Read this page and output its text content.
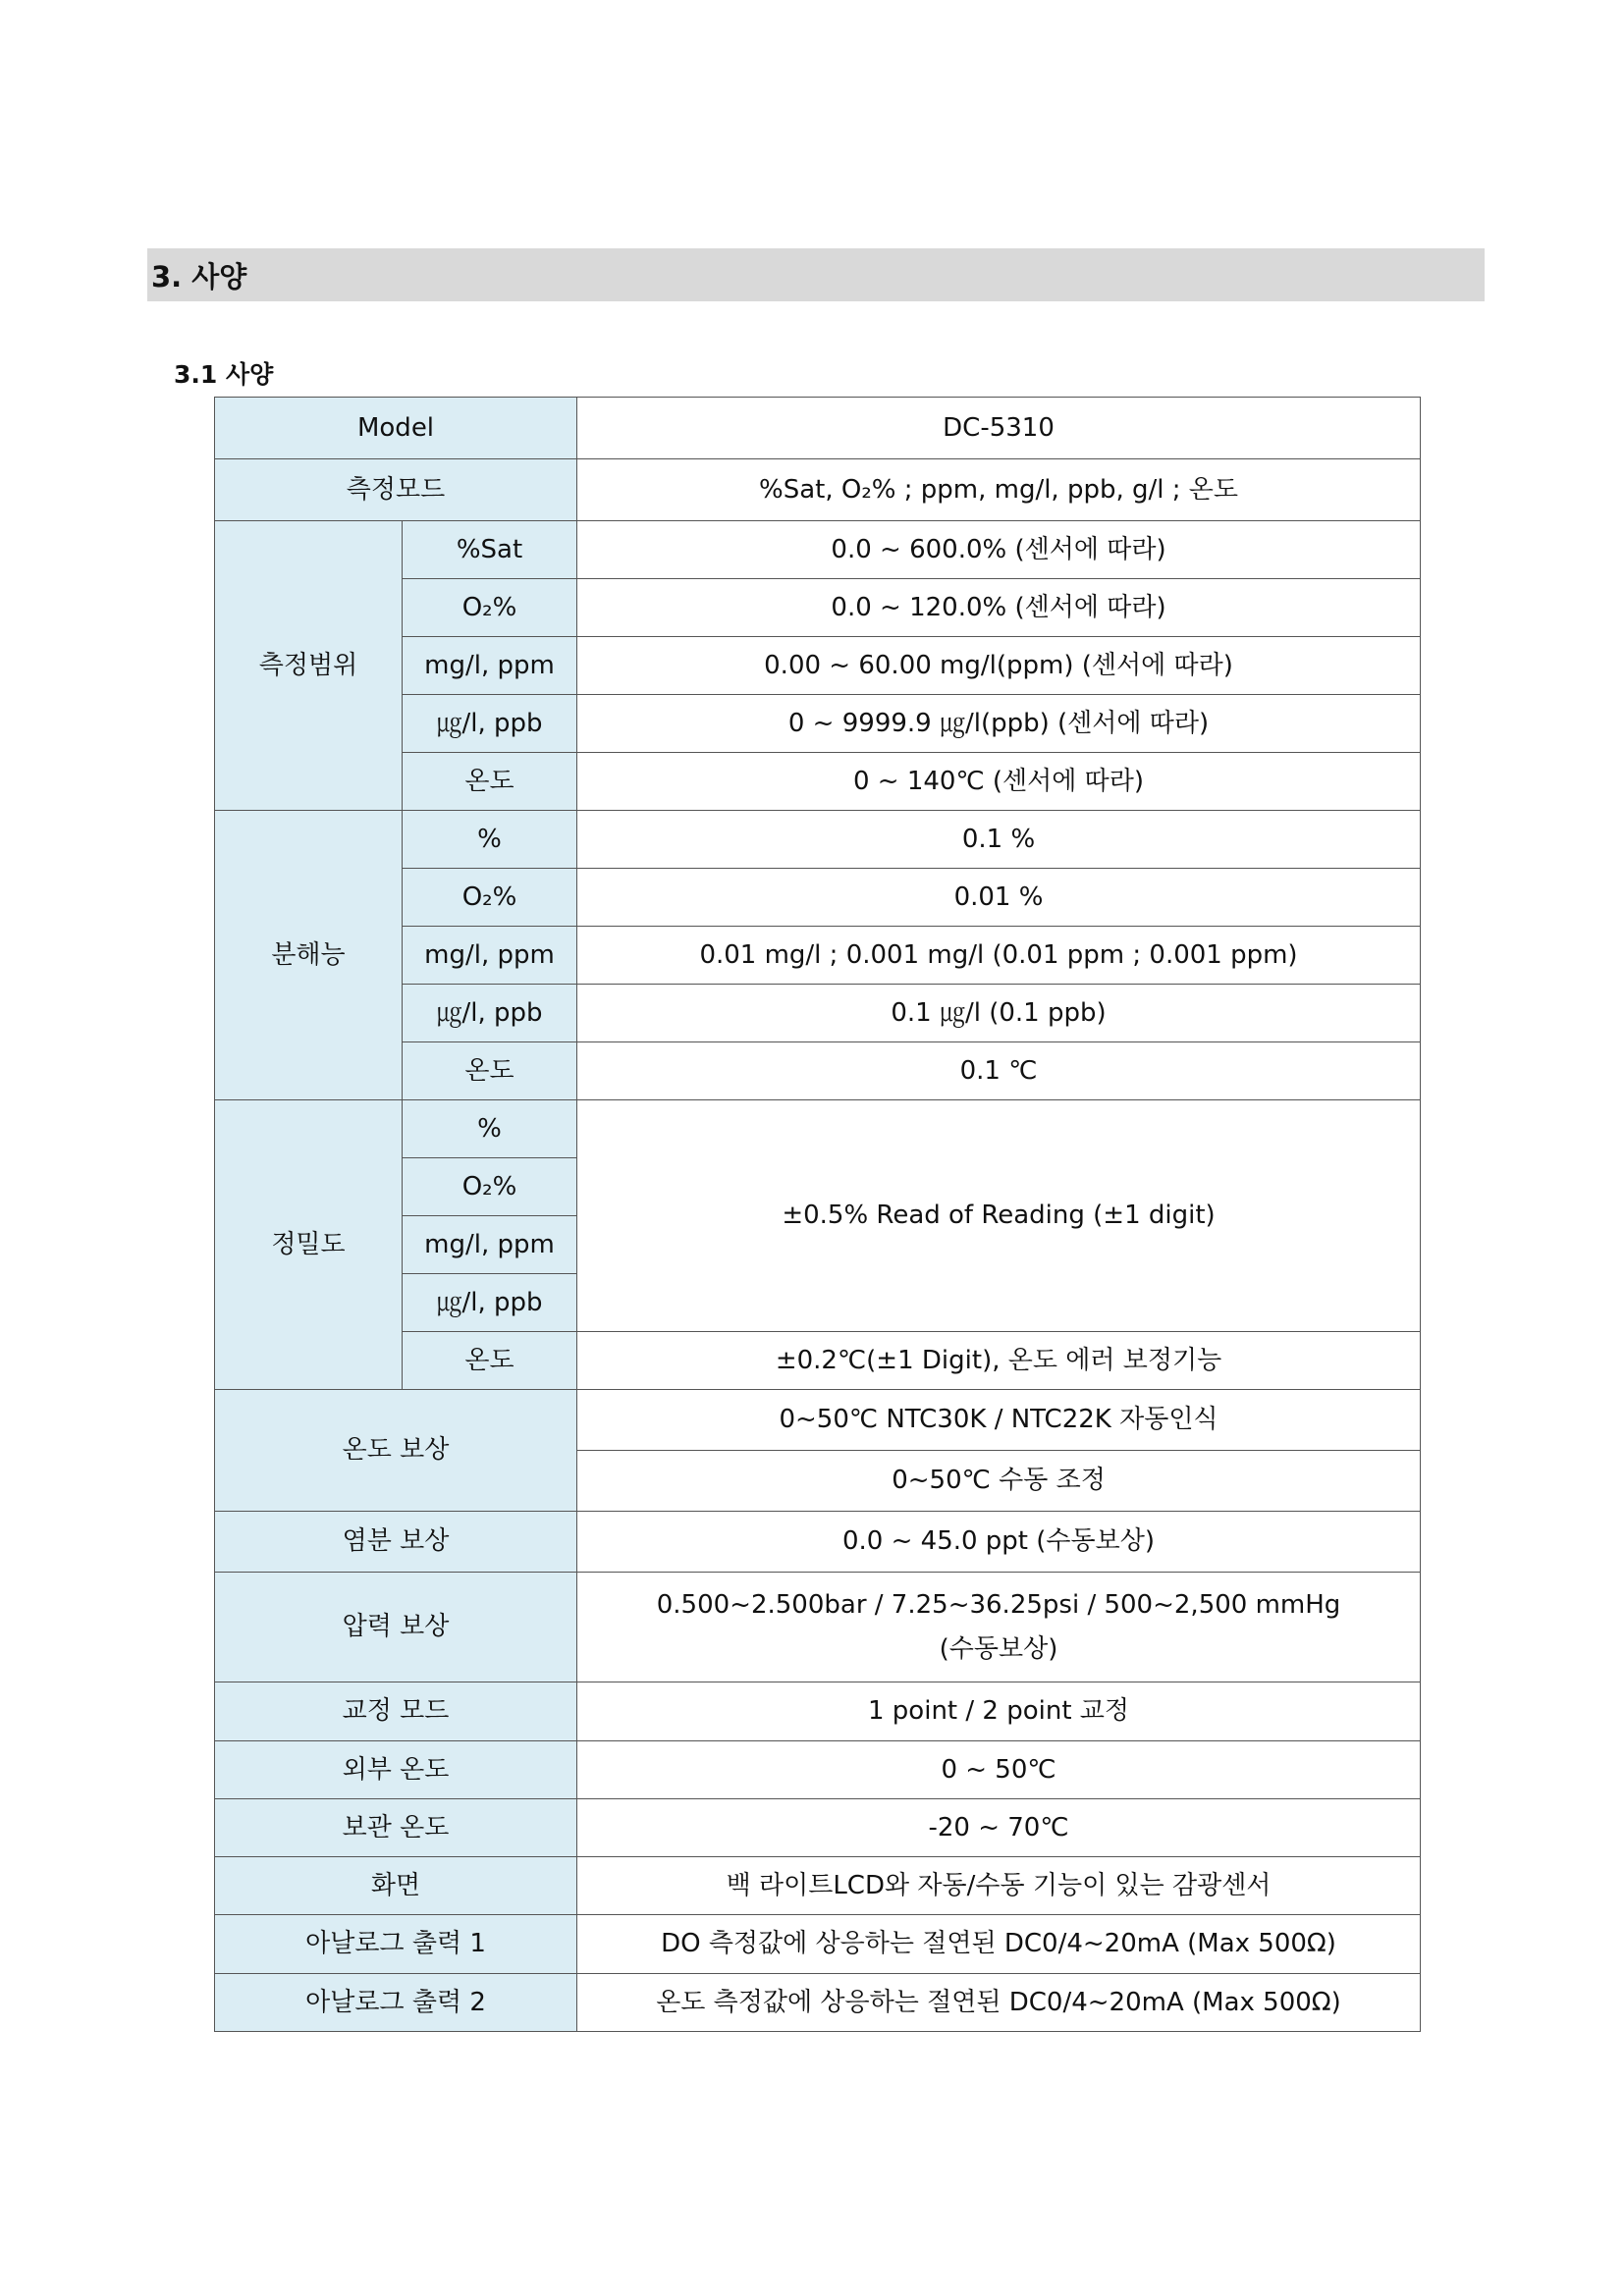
3. 사양
3.1 사양
Model		DC-5310
측정모드		%Sat, O₂% ; ppm, mg/l, ppb, g/l ; 온도
측정범위	%Sat	0.0 ~ 600.0% (센서에 따라)
	O₂%	0.0 ~ 120.0% (센서에 따라)
	mg/l, ppm	0.00 ~ 60.00 mg/l(ppm) (센서에 따라)
	㎍/l, ppb	0 ~ 9999.9 ㎍/l(ppb) (센서에 따라)
	온도	0 ~ 140℃ (센서에 따라)
분해능	%	0.1 %
	O₂%	0.01 %
	mg/l, ppm	0.01 mg/l ; 0.001 mg/l (0.01 ppm ; 0.001 ppm)
	㎍/l, ppb	0.1 ㎍/l (0.1 ppb)
	온도	0.1 ℃
정밀도	%	±0.5% Read of Reading (±1 digit)
	O₂%	
	mg/l, ppm	
	㎍/l, ppb	
	온도	±0.2℃(±1 Digit), 온도 에러 보정기능
온도 보상		0~50℃ NTC30K / NTC22K 자동인식
		0~50℃ 수동 조정
염분 보상		0.0 ~ 45.0 ppt (수동보상)
압력 보상		0.500~2.500bar / 7.25~36.25psi / 500~2,500 mmHg
(수동보상)

교정 모드		1 point / 2 point 교정
외부 온도		0 ~ 50℃
보관 온도		-20 ~ 70℃
화면		백 라이트LCD와 자동/수동 기능이 있는 감광센서
아날로그 출력 1		DO 측정값에 상응하는 절연된 DC0/4~20mA (Max 500Ω)
아날로그 출력 2		온도 측정값에 상응하는 절연된 DC0/4~20mA (Max 500Ω)
